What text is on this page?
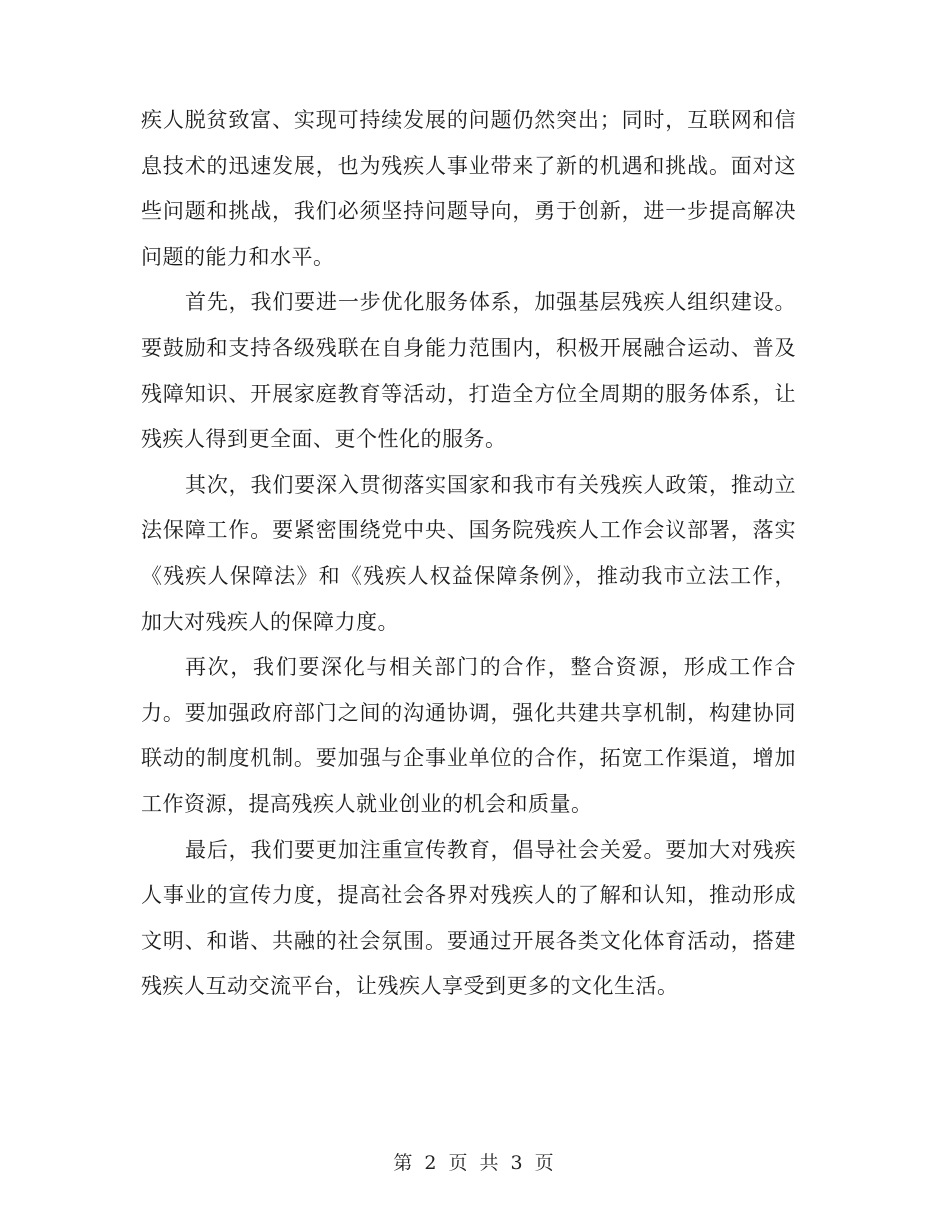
疾人脱贫致富、实现可持续发展的问题仍然突出；同时，互联网和信息技术的迅速发展，也为残疾人事业带来了新的机遇和挑战。面对这些问题和挑战，我们必须坚持问题导向，勇于创新，进一步提高解决问题的能力和水平。

首先，我们要进一步优化服务体系，加强基层残疾人组织建设。要鼓励和支持各级残联在自身能力范围内，积极开展融合运动、普及残障知识、开展家庭教育等活动，打造全方位全周期的服务体系，让残疾人得到更全面、更个性化的服务。

其次，我们要深入贯彻落实国家和我市有关残疾人政策，推动立法保障工作。要紧密围绕党中央、国务院残疾人工作会议部署，落实《残疾人保障法》和《残疾人权益保障条例》，推动我市立法工作，加大对残疾人的保障力度。

再次，我们要深化与相关部门的合作，整合资源，形成工作合力。要加强政府部门之间的沟通协调，强化共建共享机制，构建协同联动的制度机制。要加强与企事业单位的合作，拓宽工作渠道，增加工作资源，提高残疾人就业创业的机会和质量。

最后，我们要更加注重宣传教育，倡导社会关爱。要加大对残疾人事业的宣传力度，提高社会各界对残疾人的了解和认知，推动形成文明、和谐、共融的社会氛围。要通过开展各类文化体育活动，搭建残疾人互动交流平台，让残疾人享受到更多的文化生活。

第 2 页 共 3 页
